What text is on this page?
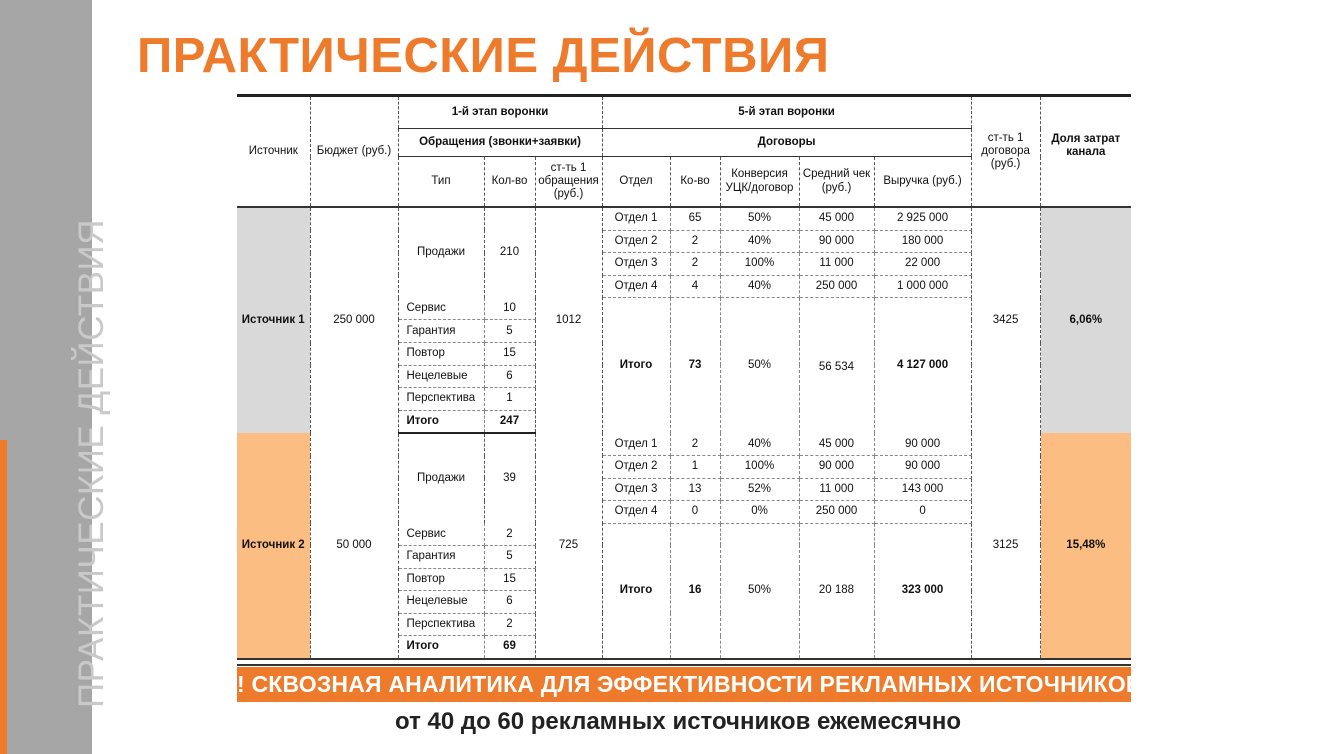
ПРАКТИЧЕСКИЕ ДЕЙСТВИЯ
ПРАКТИЧЕСКИЕ ДЕЙСТВИЯ
Источник	Бюджет (руб.)	1-й этап воронки			5-й этап воронки					ст-ть 1 договора (руб.)	Доля затрат канала
		Обращения (звонки+заявки)			Договоры						
		Тип	Кол-во	ст-ть 1 обращения (руб.)	Отдел	Ко-во	Конверсия УЦК/договор	Средний чек (руб.)	Выручка (руб.)		
Источник 1	250 000	Продажи	210	1012	Отдел 1	65	50%	45 000	2 925 000	3425	6,06%
					Отдел 2	2	40%	90 000	180 000		
					Отдел 3	2	100%	11 000	22 000		
					Отдел 4	4	40%	250 000	1 000 000		
		Сервис	10		Итого	73	50%	56 534	4 127 000		
		Гарантия	5								
		Повтор	15								
		Нецелевые	6								
		Перспектива	1								
		Итого	247								
Источник 2	50 000	Продажи	39	725	Отдел 1	2	40%	45 000	90 000	3125	15,48%
					Отдел 2	1	100%	90 000	90 000		
					Отдел 3	13	52%	11 000	143 000		
					Отдел 4	0	0%	250 000	0		
		Сервис	2		Итого	16	50%	20 188	323 000		
		Гарантия	5								
		Повтор	15								
		Нецелевые	6								
		Перспектива	2								
		Итого	69								
! СКВОЗНАЯ АНАЛИТИКА ДЛЯ ЭФФЕКТИВНОСТИ РЕКЛАМНЫХ ИСТОЧНИКОВ
от 40 до 60 рекламных источников ежемесячно
